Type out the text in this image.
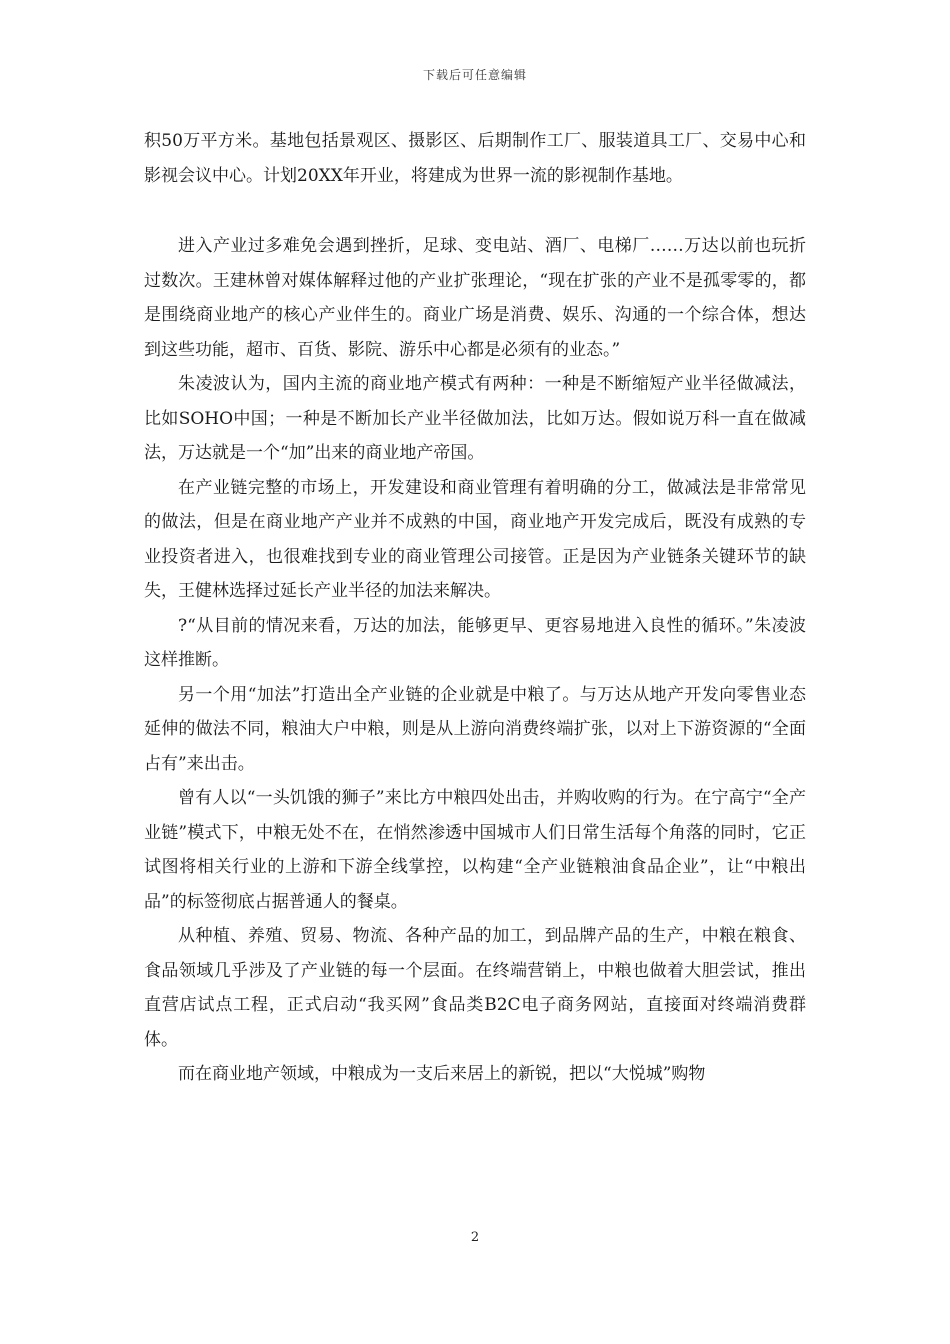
下载后可任意编辑

积50万平方米。基地包括景观区、摄影区、后期制作工厂、服装道具工厂、交易中心和影视会议中心。计划20XX年开业，将建成为世界一流的影视制作基地。

进入产业过多难免会遇到挫折，足球、变电站、酒厂、电梯厂……万达以前也玩折过数次。王建林曾对媒体解释过他的产业扩张理论，“现在扩张的产业不是孤零零的，都是围绕商业地产的核心产业伴生的。商业广场是消费、娱乐、沟通的一个综合体，想达到这些功能，超市、百货、影院、游乐中心都是必须有的业态。”

朱凌波认为，国内主流的商业地产模式有两种：一种是不断缩短产业半径做减法，比如SOHO中国；一种是不断加长产业半径做加法，比如万达。假如说万科一直在做减法，万达就是一个“加”出来的商业地产帝国。

在产业链完整的市场上，开发建设和商业管理有着明确的分工，做减法是非常常见的做法，但是在商业地产产业并不成熟的中国，商业地产开发完成后，既没有成熟的专业投资者进入，也很难找到专业的商业管理公司接管。正是因为产业链条关键环节的缺失，王健林选择过延长产业半径的加法来解决。

?“从目前的情况来看，万达的加法，能够更早、更容易地进入良性的循环。”朱凌波这样推断。

另一个用“加法”打造出全产业链的企业就是中粮了。与万达从地产开发向零售业态延伸的做法不同，粮油大户中粮，则是从上游向消费终端扩张，以对上下游资源的“全面占有”来出击。

曾有人以“一头饥饿的狮子”来比方中粮四处出击，并购收购的行为。在宁高宁“全产业链”模式下，中粮无处不在，在悄然渗透中国城市人们日常生活每个角落的同时，它正试图将相关行业的上游和下游全线掌控，以构建“全产业链粮油食品企业”，让“中粮出品”的标签彻底占据普通人的餐桌。

从种植、养殖、贸易、物流、各种产品的加工，到品牌产品的生产，中粮在粮食、食品领域几乎涉及了产业链的每一个层面。在终端营销上，中粮也做着大胆尝试，推出直营店试点工程，正式启动“我买网”食品类B2C电子商务网站，直接面对终端消费群体。

而在商业地产领域，中粮成为一支后来居上的新锐，把以“大悦城”购物

2
